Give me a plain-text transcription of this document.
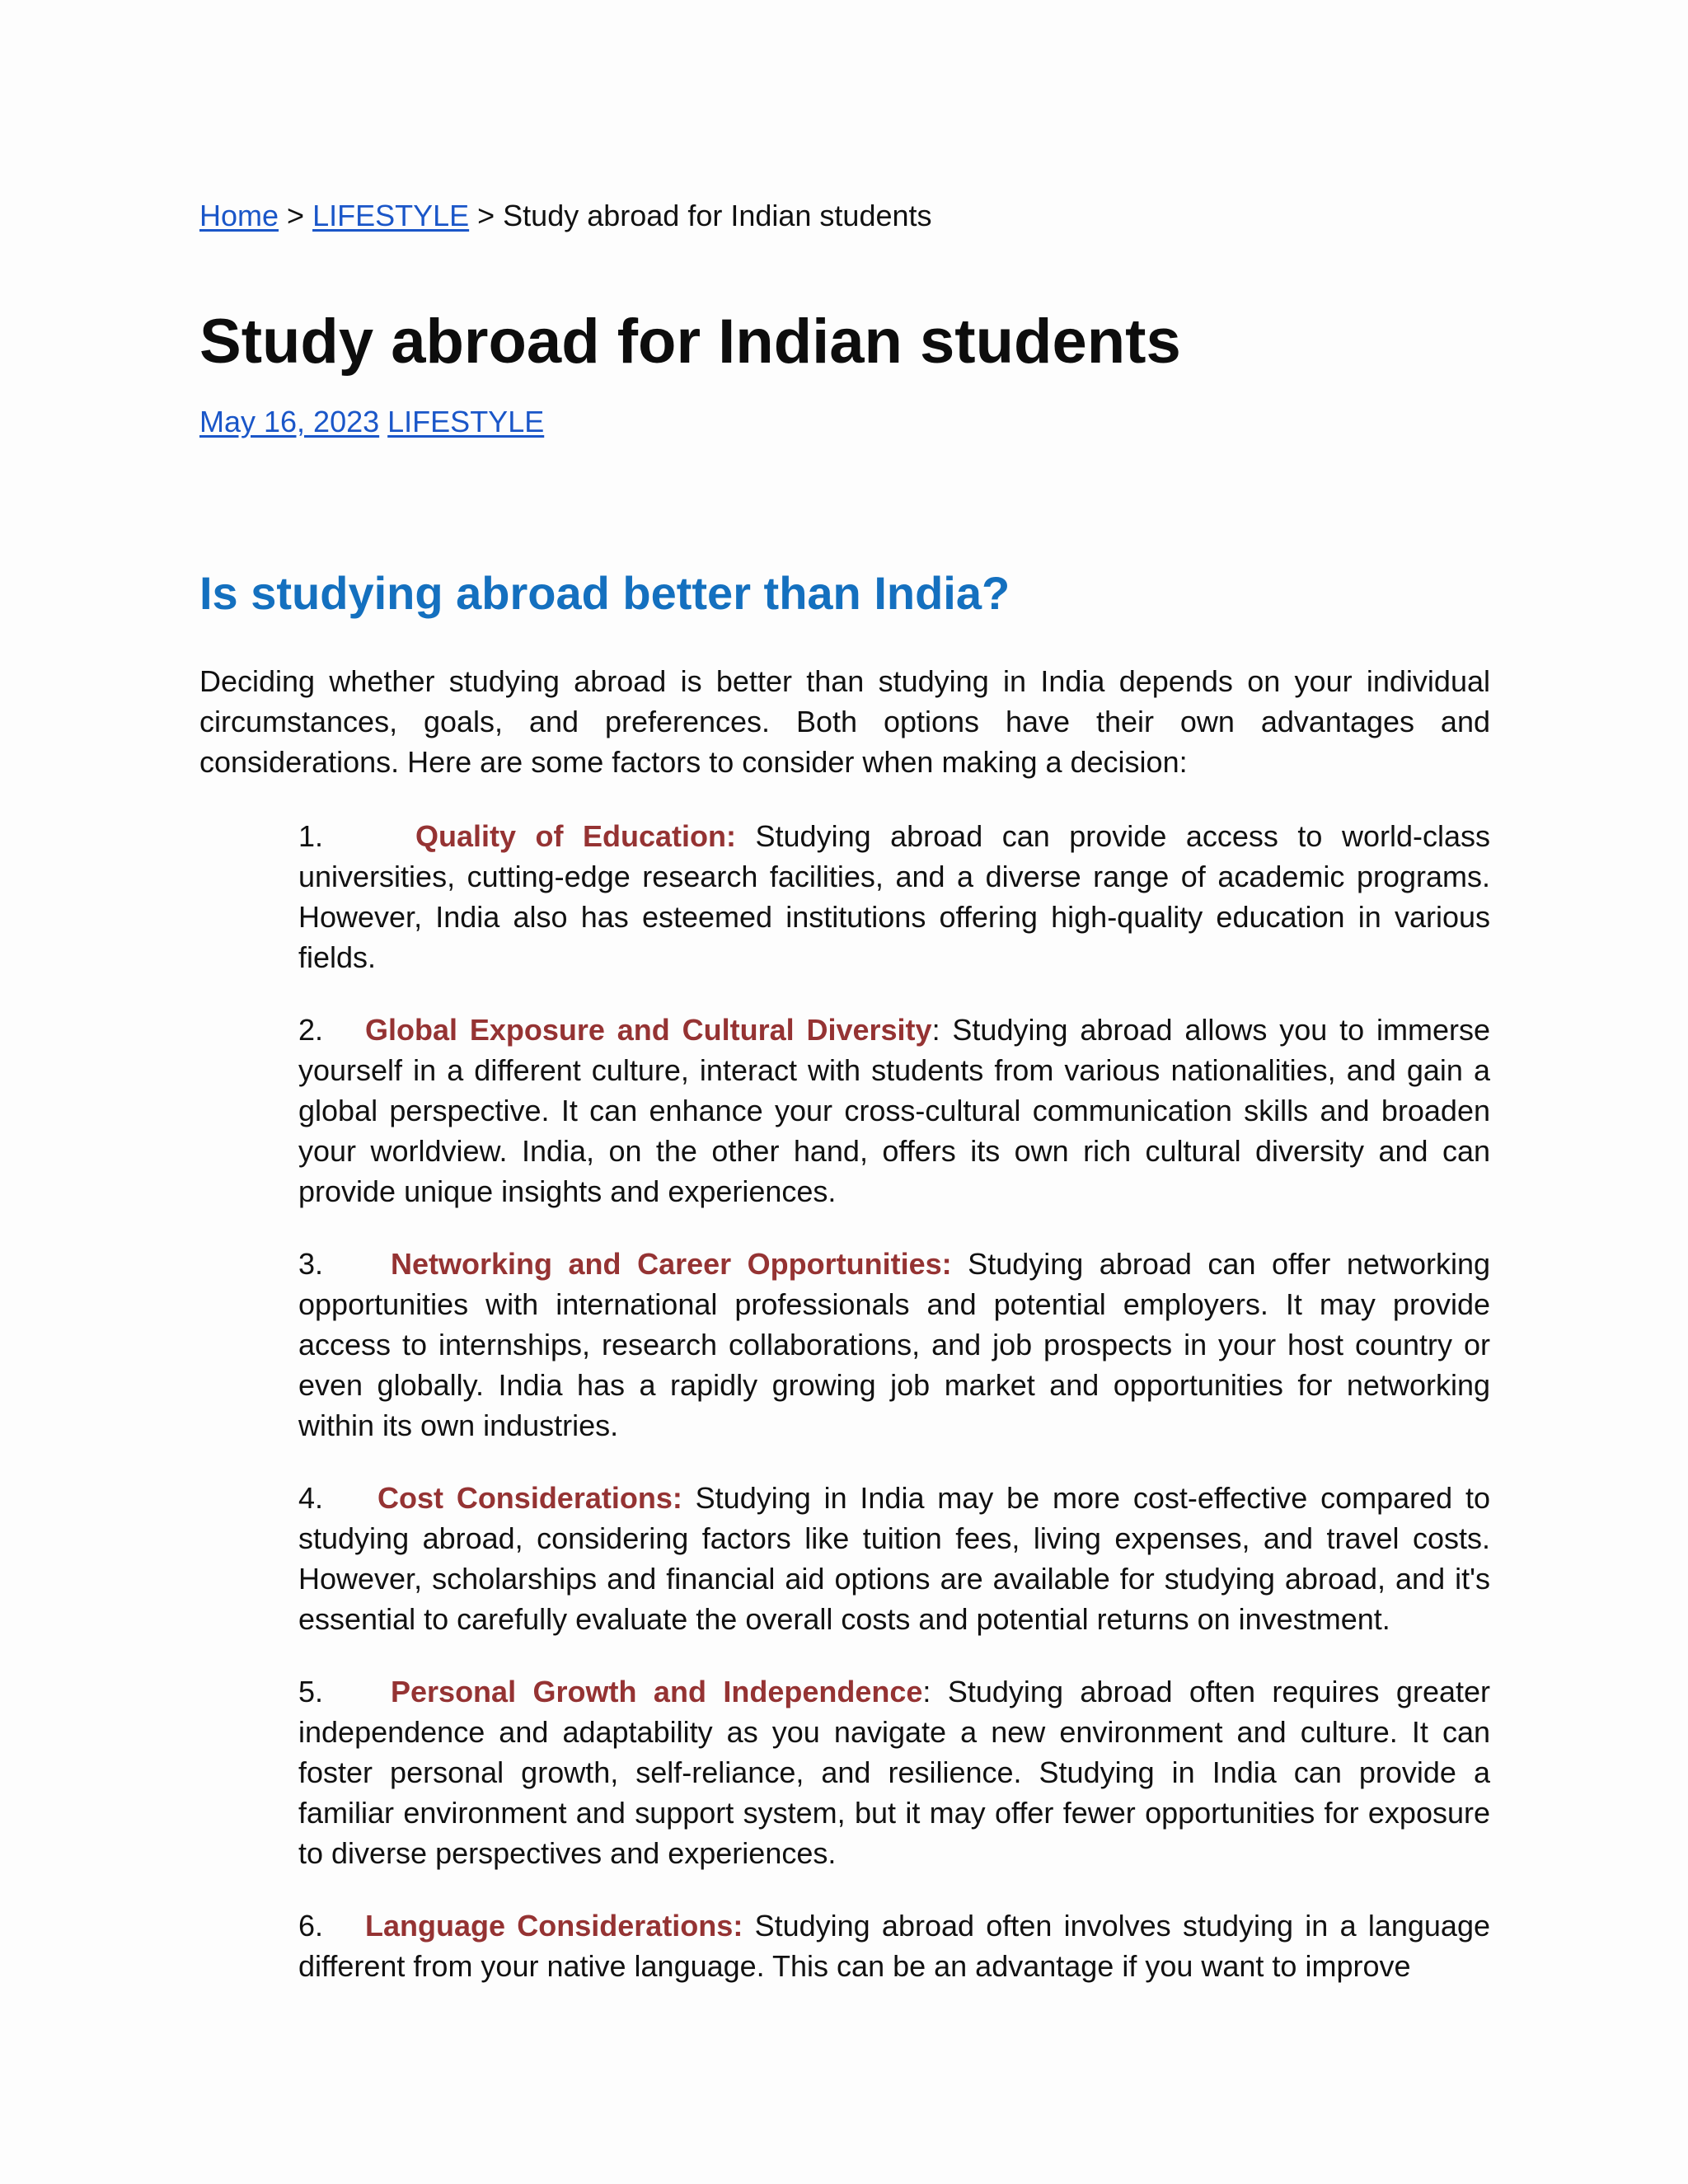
Home > LIFESTYLE > Study abroad for Indian students
Study abroad for Indian students
May 16, 2023 LIFESTYLE
Is studying abroad better than India?

Deciding whether studying abroad is better than studying in India depends on your individual circumstances, goals, and preferences. Both options have their own advantages and considerations. Here are some factors to consider when making a decision:

1.	Quality of Education: Studying abroad can provide access to world-class universities, cutting-edge research facilities, and a diverse range of academic programs. However, India also has esteemed institutions offering high-quality education in various fields.
2. Global Exposure and Cultural Diversity: Studying abroad allows you to immerse yourself in a different culture, interact with students from various nationalities, and gain a global perspective. It can enhance your cross-cultural communication skills and broaden your worldview. India, on the other hand, offers its own rich cultural diversity and can provide unique insights and experiences.
3. Networking and Career Opportunities: Studying abroad can offer networking opportunities with international professionals and potential employers. It may provide access to internships, research collaborations, and job prospects in your host country or even globally. India has a rapidly growing job market and opportunities for networking within its own industries.
4. Cost Considerations: Studying in India may be more cost-effective compared to studying abroad, considering factors like tuition fees, living expenses, and travel costs. However, scholarships and financial aid options are available for studying abroad, and it's essential to carefully evaluate the overall costs and potential returns on investment.
5. Personal Growth and Independence: Studying abroad often requires greater independence and adaptability as you navigate a new environment and culture. It can foster personal growth, self-reliance, and resilience. Studying in India can provide a familiar environment and support system, but it may offer fewer opportunities for exposure to diverse perspectives and experiences.
6. Language Considerations: Studying abroad often involves studying in a language different from your native language. This can be an advantage if you want to improve
